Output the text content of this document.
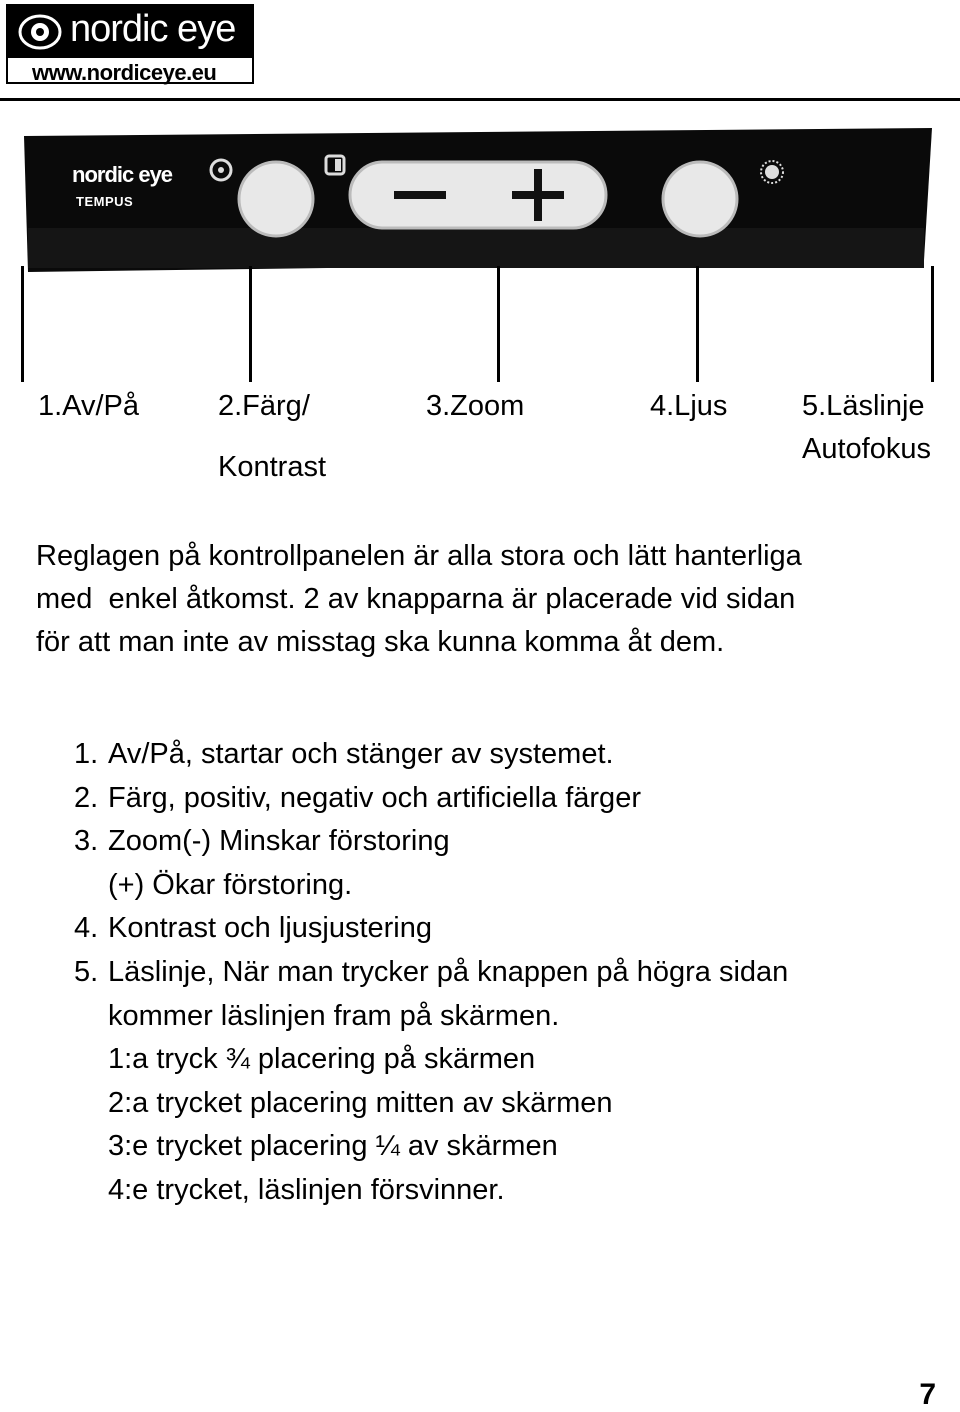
nordic eye
www.nordiceye.eu
nordic eye
TEMPUS
1.Av/På	2.Färg/
Kontrast
3.Zoom	4.Ljus	5.Läslinje
Autofokus

Reglagen på kontrollpanelen är alla stora och lätt hanterliga
med  enkel åtkomst. 2 av knapparna är placerade vid sidan
för att man inte av misstag ska kunna komma åt dem.

1. Av/På, startar och stänger av systemet.
2. Färg, positiv, negativ och artificiella färger
3. Zoom(-) Minskar förstoring
(+) Ökar förstoring.
4. Kontrast och ljusjustering
5. Läslinje, När man trycker på knappen på högra sidan
kommer läslinjen fram på skärmen.
1:a tryck ¾ placering på skärmen
2:a trycket placering mitten av skärmen
3:e trycket placering ¼ av skärmen
4:e trycket, läslinjen försvinner.
7
